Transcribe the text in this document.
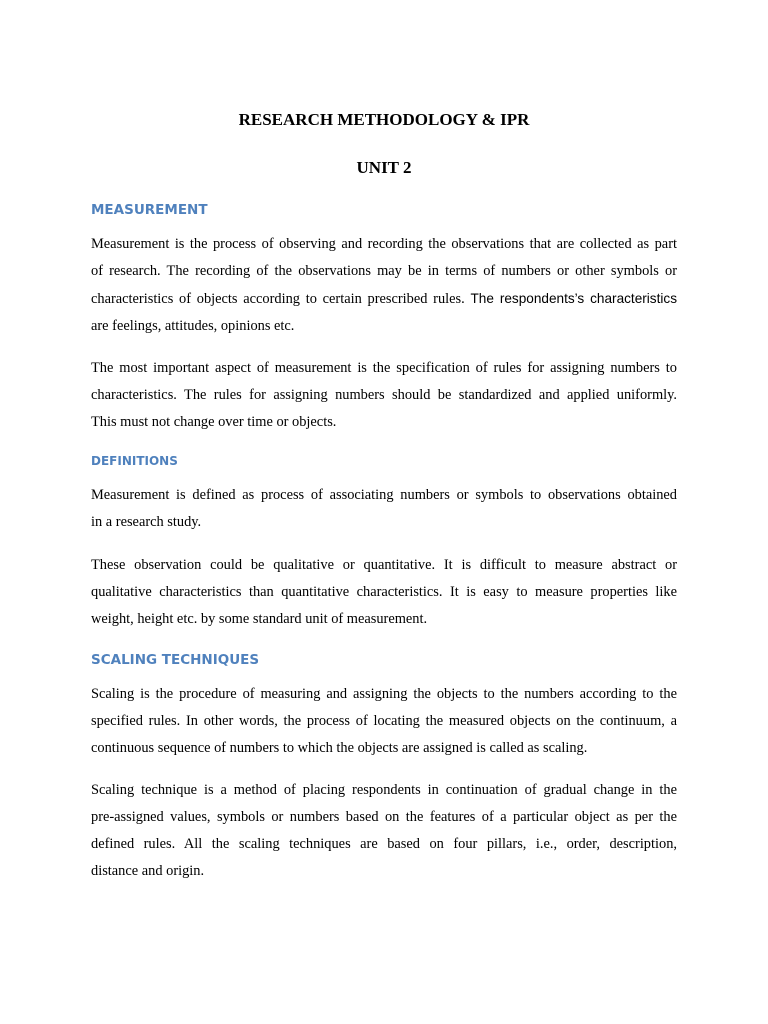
RESEARCH METHODOLOGY & IPR
UNIT 2
MEASUREMENT
Measurement is the process of observing and recording the observations that are collected as part
of research. The recording of the observations may be in terms of numbers or other symbols or
characteristics of objects according to certain prescribed rules. The respondents’s characteristics
are feelings, attitudes, opinions etc.
The most important aspect of measurement is the specification of rules for assigning numbers to
characteristics. The rules for assigning numbers should be standardized and applied uniformly.
This must not change over time or objects.
DEFINITIONS
Measurement is defined as process of associating numbers or symbols to observations obtained
in a research study.
These observation could be qualitative or quantitative. It is difficult to measure abstract or
qualitative characteristics than quantitative characteristics. It is easy to measure properties like
weight, height etc. by some standard unit of measurement.
SCALING TECHNIQUES
Scaling is the procedure of measuring and assigning the objects to the numbers according to the
specified rules. In other words, the process of locating the measured objects on the continuum, a
continuous sequence of numbers to which the objects are assigned is called as scaling.
Scaling technique is a method of placing respondents in continuation of gradual change in the
pre-assigned values, symbols or numbers based on the features of a particular object as per the
defined rules. All the scaling techniques are based on four pillars, i.e., order, description,
distance and origin.
